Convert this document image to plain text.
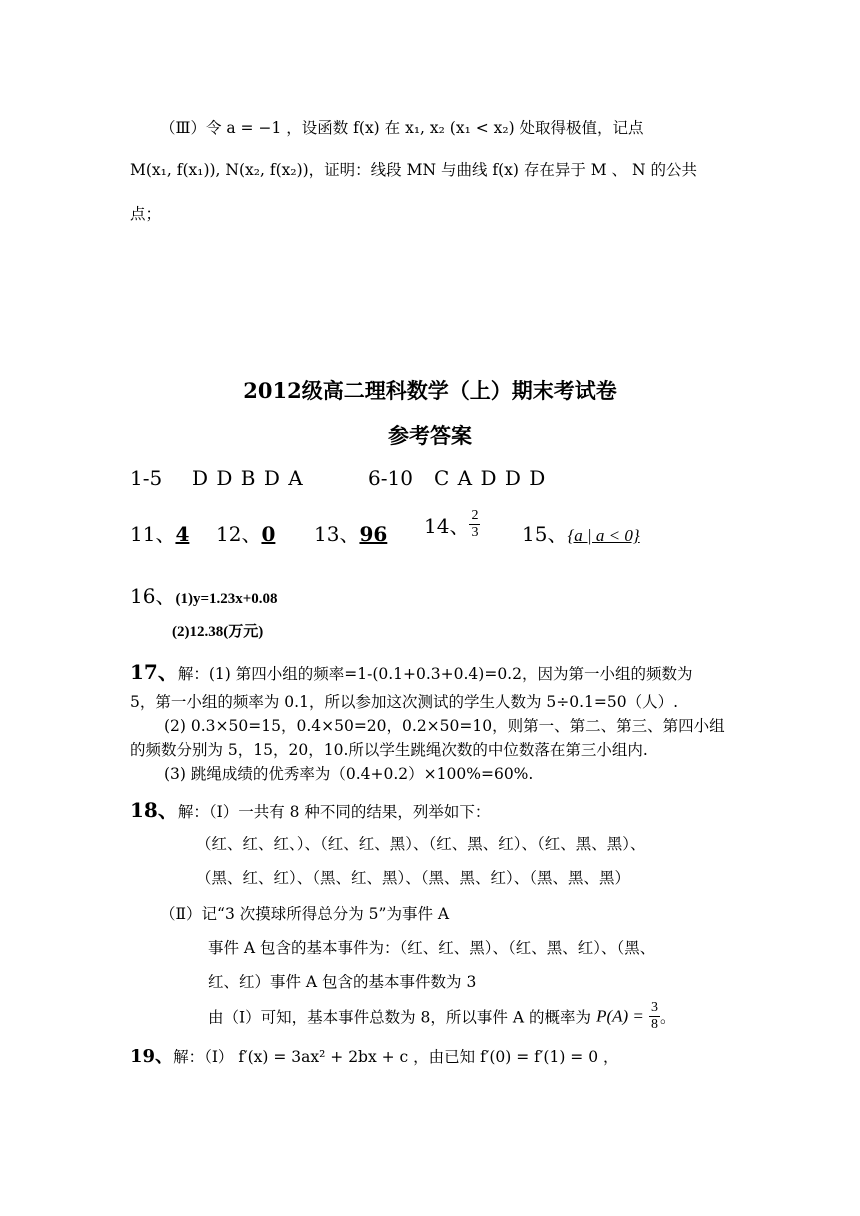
（Ⅲ）令 a = −1 ，设函数 f(x) 在 x₁, x₂ (x₁ < x₂) 处取得极值，记点
M(x₁, f(x₁)), N(x₂, f(x₂))，证明：线段 MN 与曲线 f(x) 存在异于 M 、 N 的公共
点；
2012级高二理科数学（上）期末考试卷
参考答案
1-5 D D B D A	6-10 C A D D D
11、4 12、0 13、96	14、 $\frac{2}{3} 15$、{a | a < 0}
16、(1)y=1.23x+0.08
(2)12.38(万元)
17、解：(1) 第四小组的频率=1-(0.1+0.3+0.4)=0.2，因为第一小组的频数为
5，第一小组的频率为 0.1，所以参加这次测试的学生人数为 5÷0.1=50（人）.
(2) 0.3×50=15，0.4×50=20，0.2×50=10，则第一、第二、第三、第四小组
的频数分别为 5，15，20，10.所以学生跳绳次数的中位数落在第三小组内.
(3) 跳绳成绩的优秀率为（0.4+0.2）×100%=60%.
18、解：（Ⅰ）一共有 8 种不同的结果，列举如下：
（红、红、红、）、（红、红、黑）、（红、黑、红）、（红、黑、黑）、
（黑、红、红）、（黑、红、黑）、（黑、黑、红）、（黑、黑、黑）
（Ⅱ）记“3 次摸球所得总分为 5”为事件 A
事件 A 包含的基本事件为：（红、红、黑）、（红、黑、红）、（黑、
红、红）事件 A 包含的基本事件数为 3
由（Ⅰ）可知，基本事件总数为 8，所以事件 A 的概率为 $P(A) = \frac{3}{8}$ 。
19、解：（Ⅰ） f′(x) = 3ax² + 2bx + c ，由已知 f′(0) = f′(1) = 0 ，
